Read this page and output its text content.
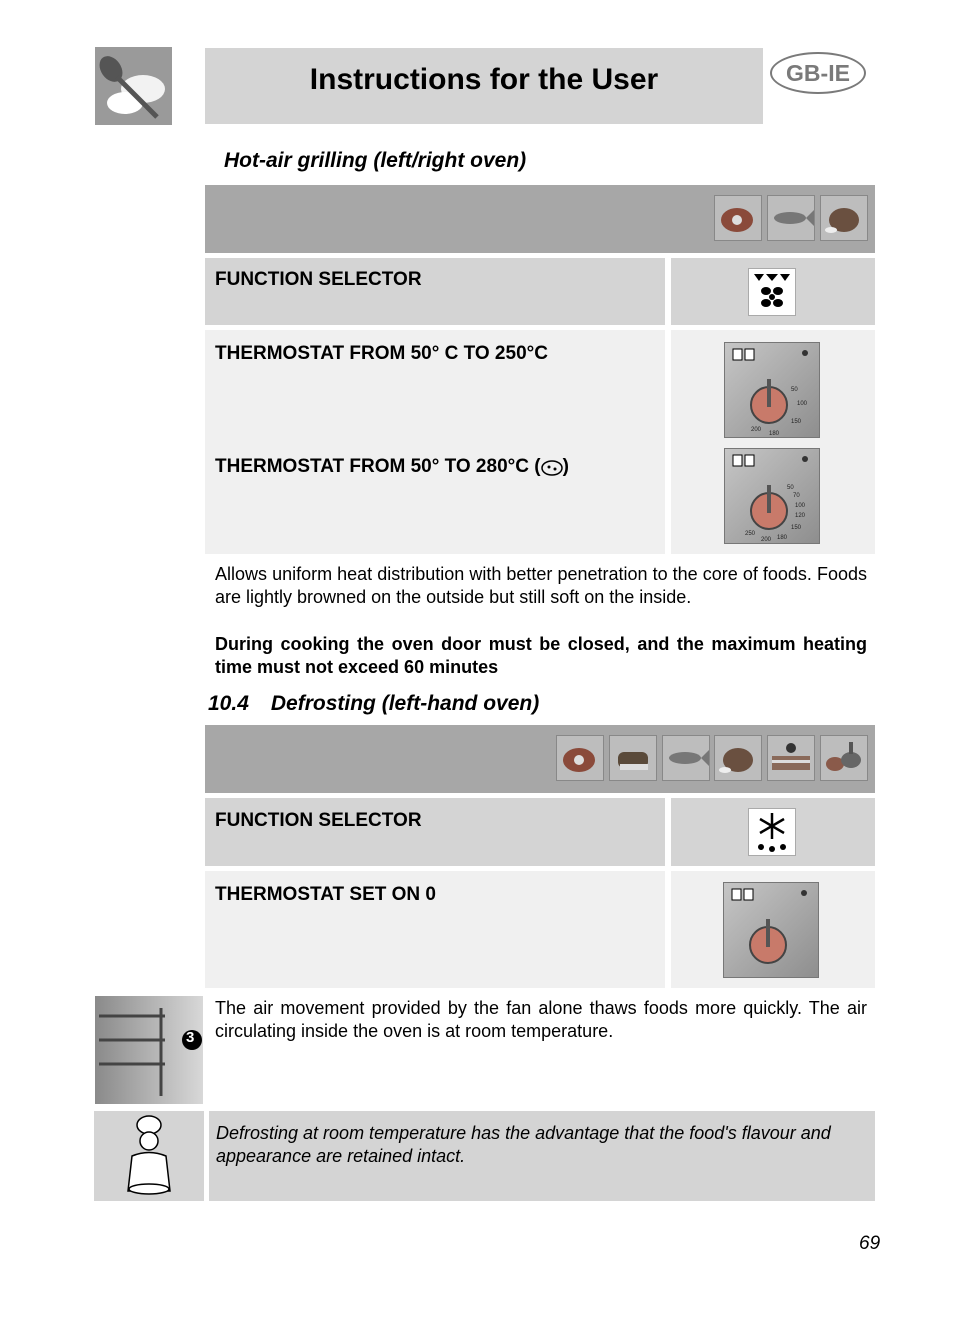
Instructions for the User	GB-IE
Hot-air grilling (left/right oven)
FUNCTION SELECTOR
THERMOSTAT FROM 50° C TO 250°C
THERMOSTAT FROM 50° TO 280°C ( )
50
100
150
180
200
50
70
100
120
150
180
200
250
Allows uniform heat distribution with better penetration to the core of foods. Foods are lightly browned on the outside but still soft on the inside.
During cooking the oven door must be closed, and the maximum heating time must not exceed 60 minutes
10.4 Defrosting (left-hand oven)
FUNCTION SELECTOR
THERMOSTAT SET ON 0
3
The air movement provided by the fan alone thaws foods more quickly. The air circulating inside the oven is at room temperature.
Defrosting at room temperature has the advantage that the food's flavour and appearance are retained intact.
69
